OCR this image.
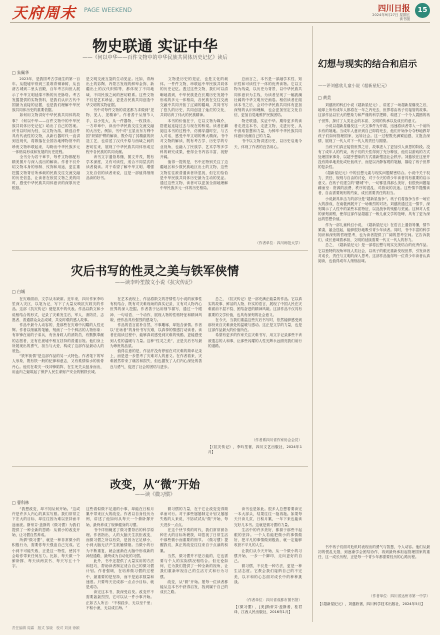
天府周末 PAGE WEEKEND	四川日报	15
2024年9月27日 星期五
读书版
物史联通 实证中华
——《何以中华——百件文物中的中华民族共同体历史记忆》读后
□ 朱佩华
　　2023年，是我国考古学诞生的第一百年。从殷墟甲骨到三星堆青铜神树，从良渚古城到二里头宫殿，百年考古向世人展示了中华文明延绵不断的历史脉络。考古发掘提供的实物资料，是我们认识古代中国最为直接的证据，也是我们理解中华民族共同体历史的重要依据。
　　如何用文物讲好中华民族共同体的故事？《何以中华——百件文物中的中华民族共同体历史记忆》给出了自己的答案。该书以时间为经，以文物为纬，精选百件具有代表性的文物，从新石器时代一直讲到近现代，将散落在全国各地博物馆中的珍贵文物串联起来，勾勒出中华民族多元一体格局形成和发展的历史进程。
　　全书分为若干章节，每件文物都配有精美图片与深入浅出的解读。作者不仅介绍文物本身的形制、纹饰和用途，更注重挖掘文物背后所承载的民族交往交流交融的历史信息，让读者在欣赏文物之美的同时，感受中华民族共同体意识的深厚历史根基。
是文明交流互鉴的生动见证。比如，青海出土的彩陶、内蒙古发现的鲜卑金饰、新疆出土的汉代织锦等，都体现了不同地域、不同民族之间的密切联系。这些文物不仅是艺术珍品，更是各民族共同创造中华文明的实物证据。
　　书中对每件文物的讲述都力求做到“见物、见人、见精神”。作者善于从细节入手，以小见大，从一件器物、一枚钱币、一方印章中，读出中华民族交往交流交融的大历史。例如，书中对“五星出东方利中国”织锦护臂的解读，既介绍了其精湛的织造工艺，也讲述了汉代中原与西域之间的密切往来，展现了中华民族共同体形成过程中各民族的共同贡献。
　　该书文字通俗易懂，图文并茂，既有学术深度，又有可读性，适合不同层次的读者阅读。对于希望了解中华文明、增强文化自信的读者来说，这是一部值得细细品读的好书。
　　文物是历史的见证，也是文化的载体。一件件文物，串联起中华民族共同体的历史记忆。透过这些文物，我们可以清晰地看到，中华民族是在长期历史发展中形成的多元一体格局，各民族在交往交流交融中共同开拓了辽阔的疆域，共同书写了悠久的历史，共同创造了灿烂的文化，共同培育了伟大的民族精神。
　　本书的价值在于，它以文物为媒介，搭建起连接过去与现在的桥梁。读者在翻阅这本书的过程中，仿佛穿越时空，与古人对话，感受中华文明的博大精深。书中对文物的解读，既有考古学、历史学的专业视角，也融入了民族学、艺术学等多学科的研究成果，使得全书内容丰富、视野开阔。
　　值得一提的是，书中还特别关注了边疆地区和少数民族地区出土的文物，这些文物往往被普通读者所忽视，但它们恰恰是中华民族共同体历史最为生动的见证。通过这些文物，读者可以更加全面地理解中华民族多元一体的历史格局。
　　总而言之，本书是一部融学术性、知识性和可读性于一体的优秀读物。它以文物为线索，以历史为背景，以中华民族共同体意识为主线，为读者呈现了一幅波澜壮阔的中华文明历史画卷。相信读者在阅读本书之后，会对中华民族共同体有更加深刻的认识和理解，也会更加坚定文化自信，更加自觉地维护民族团结。
　　物史联通，实证中华。期待更多的读者走进这本书，走进文物，走进历史，从中汲取智慧和力量，为铸牢中华民族共同体意识贡献自己的力量。
　　书中以文物讲述历史，以历史启迪今天，体现了作者的良苦用心。
（作者单位：四川师范大学）
幻想与现实的结合和启示
——评刘慈欣儿童小说《超新星纪元》
□ 黄美
　　刘慈欣的科幻小说《超新星纪元》，讲述了一场超新星爆发之后，地球上所有成年人都将在一年之内死去，世界将由孩子们接管的故事。这部作品以宏大的想象力和严谨的科学逻辑，构建了一个令人震撼的孩子世界，探讨了人类社会的本质、文明的传承以及成长的意义。
　　小说以超新星爆发这一天文事件为开端，迅速将读者带入一个前所未有的境地。当成年人意识到自己即将死去，他们开始争分夺秒地教导孩子们如何管理国家、运转社会。这一过程既充满紧迫感，又饱含深情，展现了一代人对下一代人的责任与期望。
　　当孩子们真正接管世界之后，故事进入了更加引人深思的阶段。没有了成年人的约束，孩子们的天性得到了充分释放，他们以游戏的方式处理国家事务，以超乎想象的方式重新塑造社会秩序。刘慈欣在这里并没有简单地美化或贬低孩子，而是以冷静客观的笔触，描绘了孩子世界的复杂性。
　　《超新星纪元》中的幻想元素与现实问题紧密结合。小说中关于权力、责任、规则与自由的讨论，对于今天的青少年读者具有重要的启示意义。在孩子们建立的“糖城”中，一切都显得那么美好，但很快问题接踵而至：资源的浪费、秩序的混乱、对游戏的沉迷。这些情节提醒读者，自由需要规则的约束，成长需要责任的担当。
　　小说最具冲击力的部分是“超新星战争”。孩子们将战争当作一场宏大的游戏，在南极洲展开了一场惨烈的对决。刘慈欣通过这一情节，深刻揭示了人性中的某些本质特征，以及战争的残酷与荒诞。这种对人性的深刻洞察，使得这部作品超越了一般儿童文学的范畴，具有了更为深远的思想价值。
　　作为一部儿童科幻小说，《超新星纪元》在语言上通俗易懂，情节紧凑，悬念迭起，能够很好地吸引青少年读者。同时，书中丰富的科学知识和深刻的哲理思考，也为读者提供了广阔的思考空间。它告诉我们，成长意味着承担，文明的延续需要一代又一代人的努力。
　　总之，《超新星纪元》是一部将幻想与现实完美结合的优秀作品。它以独特的视角审视人类社会，以孩子的眼光重新发现世界，引发读者对成长、责任与文明的深入思考。这部作品值得每一位青少年读者认真阅读，也值得成年人细细品味。
　　书中孩子们面对危机时表现出的勇气与智慧，令人动容。他们从最初的慌乱无措，到逐渐学会团结协作，再到最终承担起管理国家的重任，这一成长历程，正是每一个青少年都需要经历的心路历程。
（作者单位：四川省达州市第一中学）
【《超新星纪元》，刘慈欣著，四川科学技术出版社，2024年5月】
灾后书写的性灵之美与铁军侠情
——读李吟笙散文小说《抗灾传記》
□ 白城
　　在灾难面前，文学从未缺席。近年来，四川作家李吟笙深入灾区，以笔为记，写下了大量反映抗灾救灾的作品。这部《抗灾传记》便是其中的代表。作品以散文和小说相结合的形式，记录了灾难发生后，军人、消防员、志愿者、普通群众众志成城、共克时艰的感人故事。
　　作品中最令人动容的，是那些在灾难中闪耀的人性光辉。作者以细腻的笔触，刻画了一个个鲜活的人物形象：有冲锋在前的子弟兵，有舍身救人的消防员，有默默奉献的志愿者，还有在废墟中相互扶持的普通百姓。他们身上所展现出的勇气、担当与大爱，构成了这部作品最动人的底色。
　　“铁军侠情”是这部作品的另一大特色。作者笔下的军人形象，既有铁一般的纪律和意志，又有柔情似水的侠骨丹心。他们在救灾一线冲锋陷阵，在生死关头挺身而出，用血肉之躯筑起了保护人民生命财产安全的钢铁长城。
　　在艺术表现上，作品将散文的抒情性与小说的叙事性有机结合，既有对灾难现场的真实记录，又有对人物内心世界的深入挖掘。作者善于运用细节描写，通过一个眼神、一句话语、一个动作，展现人物的性格特征和精神风貌，使作品具有强烈的感染力。
　　作品的语言质朴自然，不事雕琢，却饱含深情。作者以“在场者”的身份书写灾难，以真挚的情感打动读者。读者在阅读过程中，能够真切感受到灾难的残酷，更能感受到人性的温暖与力量。这种“性灵之美”，正是灾后书写最为珍贵的品质。
　　值得注意的是，作品并没有停留在对灾难的简单记录上，而是进一步思考了灾难对人的意义。在作者看来，灾难固然带来了痛苦和损失，但也激发了人们内心深处的善良与勇气，促进了社会的团结与进步。
　　总之，《抗灾传记》是一部充满正能量的作品。它以真实的故事、鲜活的人物、朴实的语言，展现了中国人民在灾难面前不屈不挠、团结奋进的精神风貌。这部作品不仅具有重要的文学价值，也具有深刻的社会意义。
　　在今天，当我们重温这些灾后书写时，依然能够感受到那份来自灾难深处的温暖与感动。这正是文学的力量，也是这部作品最大的价值所在。
　　希望有更多的作家关注灾难书写，用文字记录那些不该被遗忘的人和事，让那些闪耀的人性光辉永远照亮我们前行的道路。
（作者系四川省作家协会会员）
【《抗灾传记》，李吟笙著，四川文艺出版社，2024年1月】
改变，从“微”开始
——读《微习惯》
□ 曹科林
　　“我想改变，却不知从何开始。”这或许是许多人内心的真实写照。我们常常立下宏大的目标，却往往因为难以坚持而半途而废。斯蒂芬·盖斯的《微习惯》为我们提供了一种全新的思路：从微小的改变开始，让习惯自然养成。
　　所谓“微习惯”，就是一种非常微小的积极行为，需要你每天强迫自己完成。它小到不可能失败，正是这一特性，使其不会给你带来任何压力。比如，每天做一个俯卧撑、每天读两页书、每天写五十个字。
这些看似微不足道的小事，却能在日积月累中带来巨大的改变。作者以自身经历为例，讲述了他如何从每天一个俯卧撑开始，最终养成了规律健身的习惯。
　　书中详细阐述了微习惯背后的科学原理。作者指出，人的大脑天生抗拒改变，而微习惯之所以有效，是因为它足够小，小到大脑无法产生抵触情绪。当微小的行为不断重复，就会逐渐在大脑中形成新的神经通路，最终成为自动化的习惯。
　　此外，书中还提供了大量实用的方法和技巧，帮助读者制定适合自己的微习惯计划。作者强调，在培养微习惯的过程中，最重要的是坚持，而不是追求数量和速度。只要每天完成那一点点小目标，就是成功。
　　读完这本书，我深受启发。改变并不需要轰轰烈烈，它可以从一件小事开始。正如古人所言：“不积跬步，无以至千里；不积小流，无以成江海。”
　　微习惯的力量，在于它让改变变得简单而可行。对于那些屡屡制定计划又屡屡失败的人来说，不妨试试从“微”开始，每天进步一点点。
　　在这个快节奏的时代，我们常常被各种宏大的目标所裹挟，却忽视了日常生活中那些微小而重要的细节。《微习惯》提醒我们，真正的改变往往来自于点滴的积累。
　　当然，微习惯并不是万能的，它也需要与个人的实际情况相结合。但无论如何，它为我们提供了一种全新的视角，让我们重新审视自己的生活方式和行为习惯。
　　改变，从“微”开始。愿每一位读者都能从这本书中获得启发，找到属于自己的成长之路。
　　读书也是如此。很多人总想着要读完一本大部头，结果往往一拖再拖。如果每天只读几页，日积月累，一年下来也能读完好几本书。这就是微习惯的力量。
　　生活中的许多美好，都源于那些不起眼的坚持。一个人若能把微小的事情做好，把平凡的事情做到极致，就一定能够收获不平凡的人生。
　　让我们从今天开始，从一个微小的习惯开始，一步一个脚印，走向更好的自己。
　　微习惯，不仅是一种方法，更是一种生活态度。它教会我们接纳自己的不完美，以平和的心态面对成长中的种种挑战。
（作者单位：四川省成都市图书馆）
【《微习惯》，[美]斯蒂芬·盖斯著，桂君译，江西人民出版社，2016年1月】
责任编辑 周霖　版式 邹晓　校对 刘昶 徐颖
